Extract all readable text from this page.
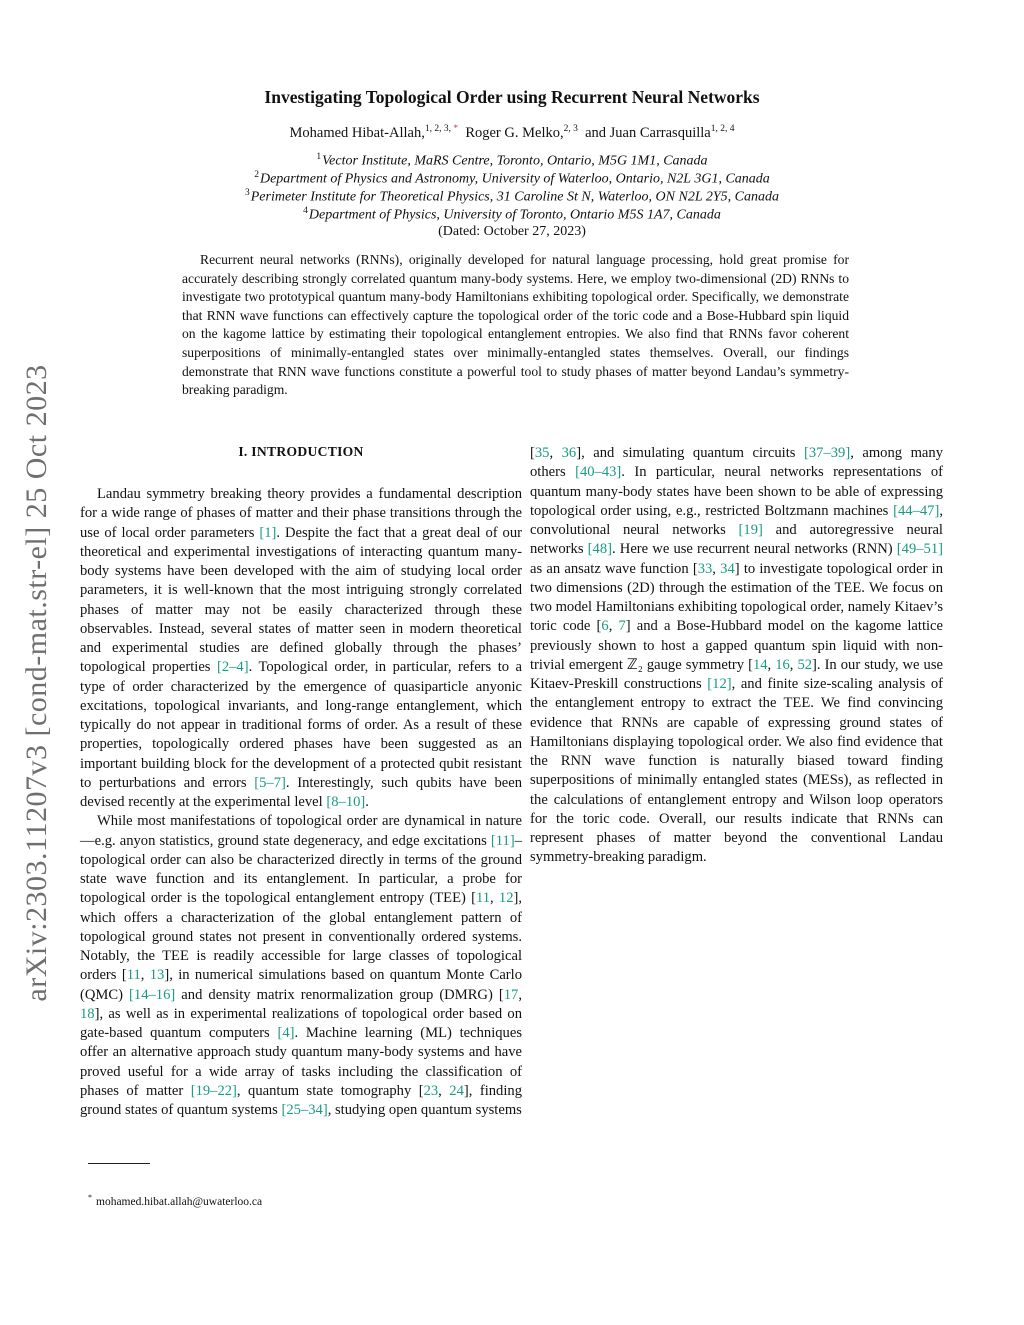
arXiv:2303.11207v3 [cond-mat.str-el] 25 Oct 2023
Investigating Topological Order using Recurrent Neural Networks
Mohamed Hibat-Allah,$^{1, 2, 3,}$ * Roger G. Melko,$^{2, 3}$ and Juan Carrasquilla$^{1, 2, 4}$
$^1$Vector Institute, MaRS Centre, Toronto, Ontario, M5G 1M1, Canada
$^2$Department of Physics and Astronomy, University of Waterloo, Ontario, N2L 3G1, Canada
$^3$Perimeter Institute for Theoretical Physics, 31 Caroline St N, Waterloo, ON N2L 2Y5, Canada
$^4$Department of Physics, University of Toronto, Ontario M5S 1A7, Canada
(Dated: October 27, 2023)
Recurrent neural networks (RNNs), originally developed for natural language processing, hold great promise for accurately describing strongly correlated quantum many-body systems. Here, we employ two-dimensional (2D) RNNs to investigate two prototypical quantum many-body Hamiltonians exhibiting topological order. Specifically, we demonstrate that RNN wave functions can effectively capture the topological order of the toric code and a Bose-Hubbard spin liquid on the kagome lattice by estimating their topological entanglement entropies. We also find that RNNs favor coherent superpositions of minimally-entangled states over minimally-entangled states themselves. Overall, our findings demonstrate that RNN wave functions constitute a powerful tool to study phases of matter beyond Landau’s symmetry-breaking paradigm.
I. INTRODUCTION

Landau symmetry breaking theory provides a fundamental description for a wide range of phases of matter and their phase transitions through the use of local order parameters [1]. Despite the fact that a great deal of our theoretical and experimental investigations of interacting quantum many-body systems have been developed with the aim of studying local order parameters, it is well-known that the most intriguing strongly correlated phases of matter may not be easily characterized through these observables. Instead, several states of matter seen in modern theoretical and experimental studies are defined globally through the phases’ topological properties [2–4]. Topological order, in particular, refers to a type of order characterized by the emergence of quasiparticle anyonic excitations, topological invariants, and long-range entanglement, which typically do not appear in traditional forms of order. As a result of these properties, topologically ordered phases have been suggested as an important building block for the development of a protected qubit resistant to perturbations and errors [5–7]. Interestingly, such qubits have been devised recently at the experimental level [8–10].

While most manifestations of topological order are dynamical in nature—e.g. anyon statistics, ground state degeneracy, and edge excitations [11]–topological order can also be characterized directly in terms of the ground state wave function and its entanglement. In particular, a probe for topological order is the topological entanglement entropy (TEE) [11, 12], which offers a characterization of the global entanglement pattern of topological ground states not present in conventionally ordered systems. Notably, the TEE is readily accessible for large classes of topological orders [11, 13], in numerical simulations based on quantum Monte Carlo (QMC) [14–16] and density matrix renormalization group (DMRG) [17, 18], as well as in experimental realizations of topological order based on gate-based quantum computers [4]. Machine learning (ML) techniques offer an alternative approach study quantum many-body systems and have proved useful for a wide array of tasks including the classification of phases of matter [19–22], quantum state tomography [23, 24], finding ground states of quantum systems [25–34], studying open quantum systems

[35, 36], and simulating quantum circuits [37–39], among many others [40–43]. In particular, neural networks representations of quantum many-body states have been shown to be able of expressing topological order using, e.g., restricted Boltzmann machines [44–47], convolutional neural networks [19] and autoregressive neural networks [48]. Here we use recurrent neural networks (RNN) [49–51] as an ansatz wave function [33, 34] to investigate topological order in two dimensions (2D) through the estimation of the TEE. We focus on two model Hamiltonians exhibiting topological order, namely Kitaev’s toric code [6, 7] and a Bose-Hubbard model on the kagome lattice previously shown to host a gapped quantum spin liquid with non-trivial emergent ℤ₂ gauge symmetry [14, 16, 52]. In our study, we use Kitaev-Preskill constructions [12], and finite size-scaling analysis of the entanglement entropy to extract the TEE. We find convincing evidence that RNNs are capable of expressing ground states of Hamiltonians displaying topological order. We also find evidence that the RNN wave function is naturally biased toward finding superpositions of minimally entangled states (MESs), as reflected in the calculations of entanglement entropy and Wilson loop operators for the toric code. Overall, our results indicate that RNNs can represent phases of matter beyond the conventional Landau symmetry-breaking paradigm.

* mohamed.hibat.allah@uwaterloo.ca
